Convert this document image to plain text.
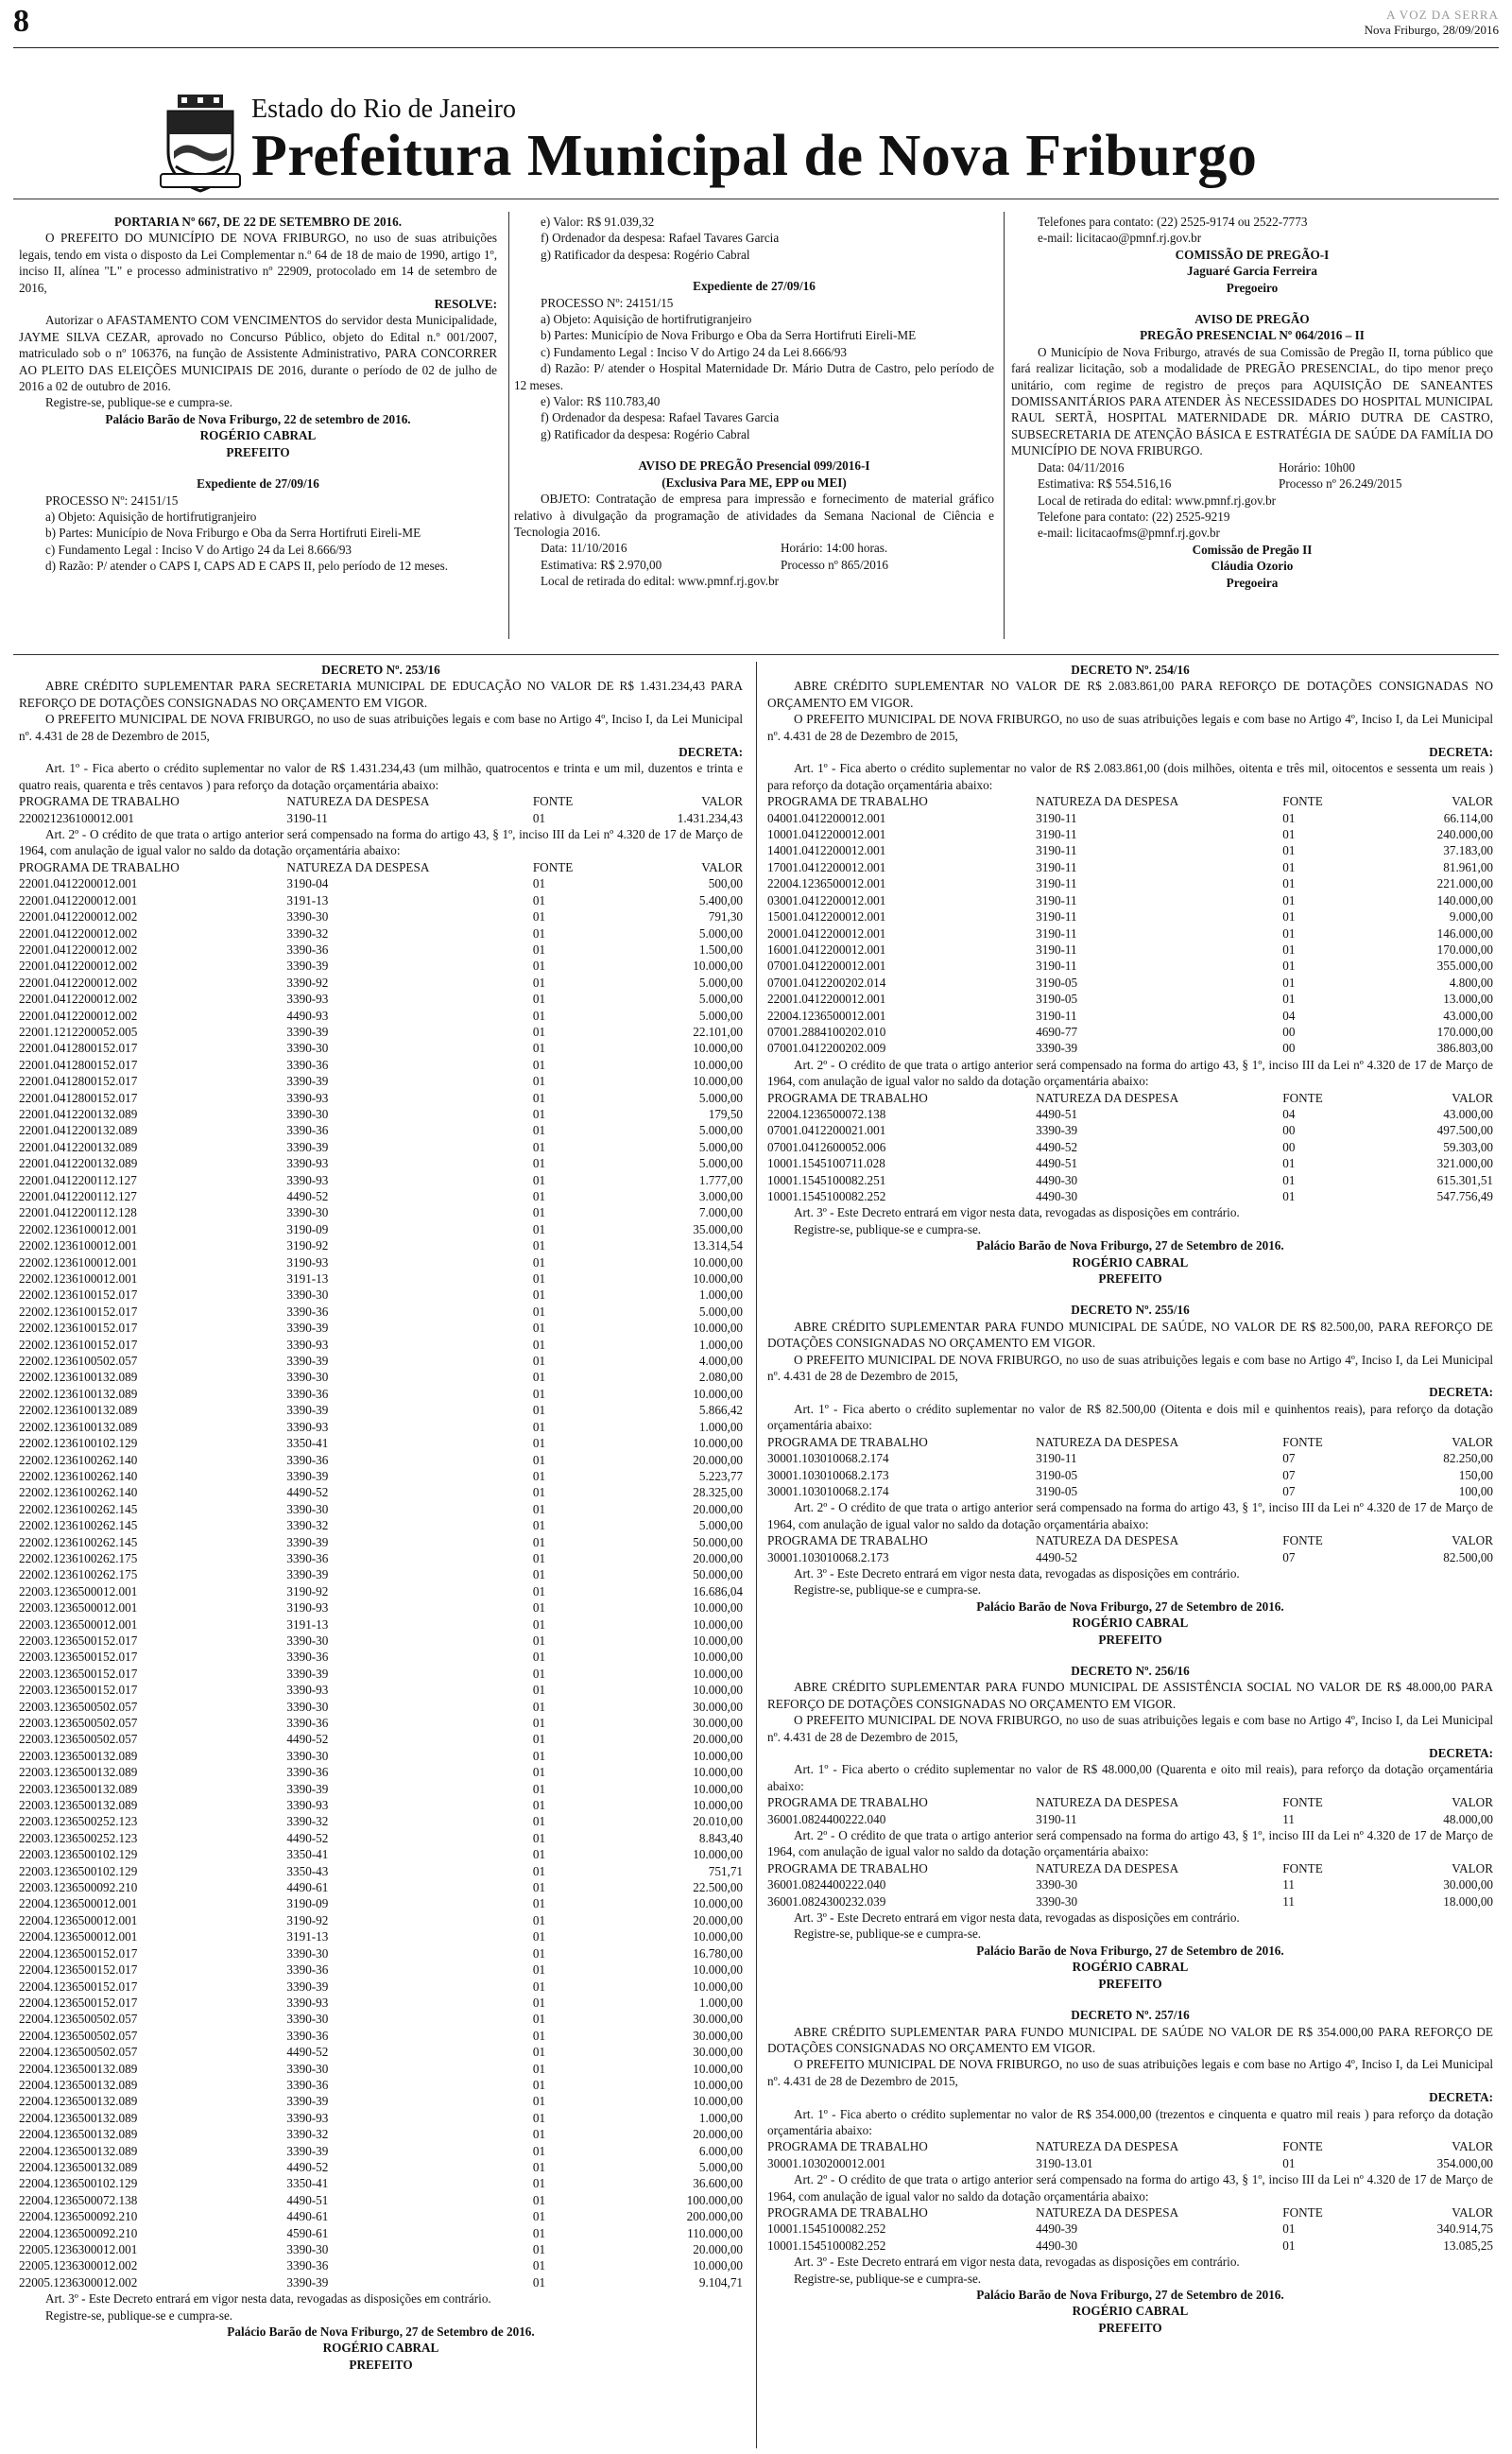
8	A VOZ DA SERRA
Nova Friburgo, 28/09/2016
Estado do Rio de Janeiro
Prefeitura Municipal de Nova Friburgo

PORTARIA Nº 667, DE 22 DE SETEMBRO DE 2016.

O PREFEITO DO MUNICÍPIO DE NOVA FRIBURGO, no uso de suas atribuições legais, tendo em vista o disposto da Lei Complementar n.º 64 de 18 de maio de 1990, artigo 1º, inciso II, alínea "L" e processo administrativo nº 22909, protocolado em 14 de setembro de 2016,

RESOLVE:

Autorizar o AFASTAMENTO COM VENCIMENTOS do servidor desta Municipalidade, JAYME SILVA CEZAR, aprovado no Concurso Público, objeto do Edital n.º 001/2007, matriculado sob o nº 106376, na função de Assistente Administrativo, PARA CONCORRER AO PLEITO DAS ELEIÇÕES MUNICIPAIS DE 2016, durante o período de 02 de julho de 2016 a 02 de outubro de 2016.

Registre-se, publique-se e cumpra-se.

Palácio Barão de Nova Friburgo, 22 de setembro de 2016.

ROGÉRIO CABRAL

PREFEITO

Expediente de 27/09/16

PROCESSO Nº: 24151/15

a) Objeto: Aquisição de hortifrutigranjeiro

b) Partes: Município de Nova Friburgo e Oba da Serra Hortifruti Eireli-ME

c) Fundamento Legal : Inciso V do Artigo 24 da Lei 8.666/93

d) Razão: P/ atender o CAPS I, CAPS AD E CAPS II, pelo período de 12 meses.

e) Valor: R$ 91.039,32

f) Ordenador da despesa: Rafael Tavares Garcia

g) Ratificador da despesa: Rogério Cabral

Expediente de 27/09/16

PROCESSO Nº: 24151/15

a) Objeto: Aquisição de hortifrutigranjeiro

b) Partes: Município de Nova Friburgo e Oba da Serra Hortifruti Eireli-ME

c) Fundamento Legal : Inciso V do Artigo 24 da Lei 8.666/93

d) Razão: P/ atender o Hospital Maternidade Dr. Mário Dutra de Castro, pelo período de 12 meses.

e) Valor: R$ 110.783,40

f) Ordenador da despesa: Rafael Tavares Garcia

g) Ratificador da despesa: Rogério Cabral

AVISO DE PREGÃO Presencial 099/2016-I

(Exclusiva Para ME, EPP ou MEI)

OBJETO: Contratação de empresa para impressão e fornecimento de material gráfico relativo à divulgação da programação de atividades da Semana Nacional de Ciência e Tecnologia 2016.

Data: 11/10/2016	Horário: 14:00 horas.
Estimativa: R$ 2.970,00	Processo nº 865/2016

Local de retirada do edital: www.pmnf.rj.gov.br

Telefones para contato: (22) 2525-9174 ou 2522-7773

e-mail: licitacao@pmnf.rj.gov.br

COMISSÃO DE PREGÃO-I

Jaguaré Garcia Ferreira

Pregoeiro

AVISO DE PREGÃO

PREGÃO PRESENCIAL Nº 064/2016 – II

O Município de Nova Friburgo, através de sua Comissão de Pregão II, torna público que fará realizar licitação, sob a modalidade de PREGÃO PRESENCIAL, do tipo menor preço unitário, com regime de registro de preços para AQUISIÇÃO DE SANEANTES DOMISSANITÁRIOS PARA ATENDER ÀS NECESSIDADES DO HOSPITAL MUNICIPAL RAUL SERTÃ, HOSPITAL MATERNIDADE DR. MÁRIO DUTRA DE CASTRO, SUBSECRETARIA DE ATENÇÃO BÁSICA E ESTRATÉGIA DE SAÚDE DA FAMÍLIA DO MUNICÍPIO DE NOVA FRIBURGO.

Data: 04/11/2016	Horário: 10h00
Estimativa: R$ 554.516,16	Processo nº 26.249/2015

Local de retirada do edital: www.pmnf.rj.gov.br

Telefone para contato: (22) 2525-9219

e-mail: licitacaofms@pmnf.rj.gov.br

Comissão de Pregão II

Cláudia Ozorio

Pregoeira

DECRETO Nº. 253/16

ABRE CRÉDITO SUPLEMENTAR PARA SECRETARIA MUNICIPAL DE EDUCAÇÃO NO VALOR DE R$ 1.431.234,43 PARA REFORÇO DE DOTAÇÕES CONSIGNADAS NO ORÇAMENTO EM VIGOR.

O PREFEITO MUNICIPAL DE NOVA FRIBURGO, no uso de suas atribuições legais e com base no Artigo 4º, Inciso I, da Lei Municipal nº. 4.431 de 28 de Dezembro de 2015,

DECRETA:

Art. 1º - Fica aberto o crédito suplementar no valor de R$ 1.431.234,43 (um milhão, quatrocentos e trinta e um mil, duzentos e trinta e quatro reais, quarenta e três centavos ) para reforço da dotação orçamentária abaixo:

PROGRAMA DE TRABALHO	NATUREZA DA DESPESA	FONTE	VALOR
220021236100012.001	3190-11	01	1.431.234,43

Art. 2º - O crédito de que trata o artigo anterior será compensado na forma do artigo 43, § 1º, inciso III da Lei nº 4.320 de 17 de Março de 1964, com anulação de igual valor no saldo da dotação orçamentária abaixo:

PROGRAMA DE TRABALHO	NATUREZA DA DESPESA	FONTE	VALOR
22001.0412200012.001	3190-04	01	500,00
22001.0412200012.001	3191-13	01	5.400,00
22001.0412200012.002	3390-30	01	791,30
22001.0412200012.002	3390-32	01	5.000,00
22001.0412200012.002	3390-36	01	1.500,00
22001.0412200012.002	3390-39	01	10.000,00
22001.0412200012.002	3390-92	01	5.000,00
22001.0412200012.002	3390-93	01	5.000,00
22001.0412200012.002	4490-93	01	5.000,00
22001.1212200052.005	3390-39	01	22.101,00
22001.0412800152.017	3390-30	01	10.000,00
22001.0412800152.017	3390-36	01	10.000,00
22001.0412800152.017	3390-39	01	10.000,00
22001.0412800152.017	3390-93	01	5.000,00
22001.0412200132.089	3390-30	01	179,50
22001.0412200132.089	3390-36	01	5.000,00
22001.0412200132.089	3390-39	01	5.000,00
22001.0412200132.089	3390-93	01	5.000,00
22001.0412200112.127	3390-93	01	1.777,00
22001.0412200112.127	4490-52	01	3.000,00
22001.0412200112.128	3390-30	01	7.000,00
22002.1236100012.001	3190-09	01	35.000,00
22002.1236100012.001	3190-92	01	13.314,54
22002.1236100012.001	3190-93	01	10.000,00
22002.1236100012.001	3191-13	01	10.000,00
22002.1236100152.017	3390-30	01	1.000,00
22002.1236100152.017	3390-36	01	5.000,00
22002.1236100152.017	3390-39	01	10.000,00
22002.1236100152.017	3390-93	01	1.000,00
22002.1236100502.057	3390-39	01	4.000,00
22002.1236100132.089	3390-30	01	2.080,00
22002.1236100132.089	3390-36	01	10.000,00
22002.1236100132.089	3390-39	01	5.866,42
22002.1236100132.089	3390-93	01	1.000,00
22002.1236100102.129	3350-41	01	10.000,00
22002.1236100262.140	3390-36	01	20.000,00
22002.1236100262.140	3390-39	01	5.223,77
22002.1236100262.140	4490-52	01	28.325,00
22002.1236100262.145	3390-30	01	20.000,00
22002.1236100262.145	3390-32	01	5.000,00
22002.1236100262.145	3390-39	01	50.000,00
22002.1236100262.175	3390-36	01	20.000,00
22002.1236100262.175	3390-39	01	50.000,00
22003.1236500012.001	3190-92	01	16.686,04
22003.1236500012.001	3190-93	01	10.000,00
22003.1236500012.001	3191-13	01	10.000,00
22003.1236500152.017	3390-30	01	10.000,00
22003.1236500152.017	3390-36	01	10.000,00
22003.1236500152.017	3390-39	01	10.000,00
22003.1236500152.017	3390-93	01	10.000,00
22003.1236500502.057	3390-30	01	30.000,00
22003.1236500502.057	3390-36	01	30.000,00
22003.1236500502.057	4490-52	01	20.000,00
22003.1236500132.089	3390-30	01	10.000,00
22003.1236500132.089	3390-36	01	10.000,00
22003.1236500132.089	3390-39	01	10.000,00
22003.1236500132.089	3390-93	01	10.000,00
22003.1236500252.123	3390-32	01	20.010,00
22003.1236500252.123	4490-52	01	8.843,40
22003.1236500102.129	3350-41	01	10.000,00
22003.1236500102.129	3350-43	01	751,71
22003.1236500092.210	4490-61	01	22.500,00
22004.1236500012.001	3190-09	01	10.000,00
22004.1236500012.001	3190-92	01	20.000,00
22004.1236500012.001	3191-13	01	10.000,00
22004.1236500152.017	3390-30	01	16.780,00
22004.1236500152.017	3390-36	01	10.000,00
22004.1236500152.017	3390-39	01	10.000,00
22004.1236500152.017	3390-93	01	1.000,00
22004.1236500502.057	3390-30	01	30.000,00
22004.1236500502.057	3390-36	01	30.000,00
22004.1236500502.057	4490-52	01	30.000,00
22004.1236500132.089	3390-30	01	10.000,00
22004.1236500132.089	3390-36	01	10.000,00
22004.1236500132.089	3390-39	01	10.000,00
22004.1236500132.089	3390-93	01	1.000,00
22004.1236500132.089	3390-32	01	20.000,00
22004.1236500132.089	3390-39	01	6.000,00
22004.1236500132.089	4490-52	01	5.000,00
22004.1236500102.129	3350-41	01	36.600,00
22004.1236500072.138	4490-51	01	100.000,00
22004.1236500092.210	4490-61	01	200.000,00
22004.1236500092.210	4590-61	01	110.000,00
22005.1236300012.001	3390-30	01	20.000,00
22005.1236300012.002	3390-36	01	10.000,00
22005.1236300012.002	3390-39	01	9.104,71

Art. 3º - Este Decreto entrará em vigor nesta data, revogadas as disposições em contrário.

Registre-se, publique-se e cumpra-se.

Palácio Barão de Nova Friburgo, 27 de Setembro de 2016.

ROGÉRIO CABRAL

PREFEITO

DECRETO Nº. 254/16

ABRE CRÉDITO SUPLEMENTAR NO VALOR DE R$ 2.083.861,00 PARA REFORÇO DE DOTAÇÕES CONSIGNADAS NO ORÇAMENTO EM VIGOR.

O PREFEITO MUNICIPAL DE NOVA FRIBURGO, no uso de suas atribuições legais e com base no Artigo 4º, Inciso I, da Lei Municipal nº. 4.431 de 28 de Dezembro de 2015,

DECRETA:

Art. 1º - Fica aberto o crédito suplementar no valor de R$ 2.083.861,00 (dois milhões, oitenta e três mil, oitocentos e sessenta um reais ) para reforço da dotação orçamentária abaixo:

PROGRAMA DE TRABALHO	NATUREZA DA DESPESA	FONTE	VALOR
04001.0412200012.001	3190-11	01	66.114,00
10001.0412200012.001	3190-11	01	240.000,00
14001.0412200012.001	3190-11	01	37.183,00
17001.0412200012.001	3190-11	01	81.961,00
22004.1236500012.001	3190-11	01	221.000,00
03001.0412200012.001	3190-11	01	140.000,00
15001.0412200012.001	3190-11	01	9.000,00
20001.0412200012.001	3190-11	01	146.000,00
16001.0412200012.001	3190-11	01	170.000,00
07001.0412200012.001	3190-11	01	355.000,00
07001.0412200202.014	3190-05	01	4.800,00
22001.0412200012.001	3190-05	01	13.000,00
22004.1236500012.001	3190-11	04	43.000,00
07001.2884100202.010	4690-77	00	170.000,00
07001.0412200202.009	3390-39	00	386.803,00

Art. 2º - O crédito de que trata o artigo anterior será compensado na forma do artigo 43, § 1º, inciso III da Lei nº 4.320 de 17 de Março de 1964, com anulação de igual valor no saldo da dotação orçamentária abaixo:

PROGRAMA DE TRABALHO	NATUREZA DA DESPESA	FONTE	VALOR
22004.1236500072.138	4490-51	04	43.000,00
07001.0412200021.001	3390-39	00	497.500,00
07001.0412600052.006	4490-52	00	59.303,00
10001.1545100711.028	4490-51	01	321.000,00
10001.1545100082.251	4490-30	01	615.301,51
10001.1545100082.252	4490-30	01	547.756,49

Art. 3º - Este Decreto entrará em vigor nesta data, revogadas as disposições em contrário.

Registre-se, publique-se e cumpra-se.

Palácio Barão de Nova Friburgo, 27 de Setembro de 2016.

ROGÉRIO CABRAL

PREFEITO

DECRETO Nº. 255/16

ABRE CRÉDITO SUPLEMENTAR PARA FUNDO MUNICIPAL DE SAÚDE, NO VALOR DE R$ 82.500,00, PARA REFORÇO DE DOTAÇÕES CONSIGNADAS NO ORÇAMENTO EM VIGOR.

O PREFEITO MUNICIPAL DE NOVA FRIBURGO, no uso de suas atribuições legais e com base no Artigo 4º, Inciso I, da Lei Municipal nº. 4.431 de 28 de Dezembro de 2015,

DECRETA:

Art. 1º - Fica aberto o crédito suplementar no valor de R$ 82.500,00 (Oitenta e dois mil e quinhentos reais), para reforço da dotação orçamentária abaixo:

PROGRAMA DE TRABALHO	NATUREZA DA DESPESA	FONTE	VALOR
30001.103010068.2.174	3190-11	07	82.250,00
30001.103010068.2.173	3190-05	07	150,00
30001.103010068.2.174	3190-05	07	100,00

Art. 2º - O crédito de que trata o artigo anterior será compensado na forma do artigo 43, § 1º, inciso III da Lei nº 4.320 de 17 de Março de 1964, com anulação de igual valor no saldo da dotação orçamentária abaixo:

PROGRAMA DE TRABALHO	NATUREZA DA DESPESA	FONTE	VALOR
30001.103010068.2.173	4490-52	07	82.500,00

Art. 3º - Este Decreto entrará em vigor nesta data, revogadas as disposições em contrário.

Registre-se, publique-se e cumpra-se.

Palácio Barão de Nova Friburgo, 27 de Setembro de 2016.

ROGÉRIO CABRAL

PREFEITO

DECRETO Nº. 256/16

ABRE CRÉDITO SUPLEMENTAR PARA FUNDO MUNICIPAL DE ASSISTÊNCIA SOCIAL NO VALOR DE R$ 48.000,00 PARA REFORÇO DE DOTAÇÕES CONSIGNADAS NO ORÇAMENTO EM VIGOR.

O PREFEITO MUNICIPAL DE NOVA FRIBURGO, no uso de suas atribuições legais e com base no Artigo 4º, Inciso I, da Lei Municipal nº. 4.431 de 28 de Dezembro de 2015,

DECRETA:

Art. 1º - Fica aberto o crédito suplementar no valor de R$ 48.000,00 (Quarenta e oito mil reais), para reforço da dotação orçamentária abaixo:

PROGRAMA DE TRABALHO	NATUREZA DA DESPESA	FONTE	VALOR
36001.0824400222.040	3190-11	11	48.000,00

Art. 2º - O crédito de que trata o artigo anterior será compensado na forma do artigo 43, § 1º, inciso III da Lei nº 4.320 de 17 de Março de 1964, com anulação de igual valor no saldo da dotação orçamentária abaixo:

PROGRAMA DE TRABALHO	NATUREZA DA DESPESA	FONTE	VALOR
36001.0824400222.040	3390-30	11	30.000,00
36001.0824300232.039	3390-30	11	18.000,00

Art. 3º - Este Decreto entrará em vigor nesta data, revogadas as disposições em contrário.

Registre-se, publique-se e cumpra-se.

Palácio Barão de Nova Friburgo, 27 de Setembro de 2016.

ROGÉRIO CABRAL

PREFEITO

DECRETO Nº. 257/16

ABRE CRÉDITO SUPLEMENTAR PARA FUNDO MUNICIPAL DE SAÚDE NO VALOR DE R$ 354.000,00 PARA REFORÇO DE DOTAÇÕES CONSIGNADAS NO ORÇAMENTO EM VIGOR.

O PREFEITO MUNICIPAL DE NOVA FRIBURGO, no uso de suas atribuições legais e com base no Artigo 4º, Inciso I, da Lei Municipal nº. 4.431 de 28 de Dezembro de 2015,

DECRETA:

Art. 1º - Fica aberto o crédito suplementar no valor de R$ 354.000,00 (trezentos e cinquenta e quatro mil reais ) para reforço da dotação orçamentária abaixo:

PROGRAMA DE TRABALHO	NATUREZA DA DESPESA	FONTE	VALOR
30001.1030200012.001	3190-13.01	01	354.000,00

Art. 2º - O crédito de que trata o artigo anterior será compensado na forma do artigo 43, § 1º, inciso III da Lei nº 4.320 de 17 de Março de 1964, com anulação de igual valor no saldo da dotação orçamentária abaixo:

PROGRAMA DE TRABALHO	NATUREZA DA DESPESA	FONTE	VALOR
10001.1545100082.252	4490-39	01	340.914,75
10001.1545100082.252	4490-30	01	13.085,25

Art. 3º - Este Decreto entrará em vigor nesta data, revogadas as disposições em contrário.

Registre-se, publique-se e cumpra-se.

Palácio Barão de Nova Friburgo, 27 de Setembro de 2016.

ROGÉRIO CABRAL

PREFEITO
